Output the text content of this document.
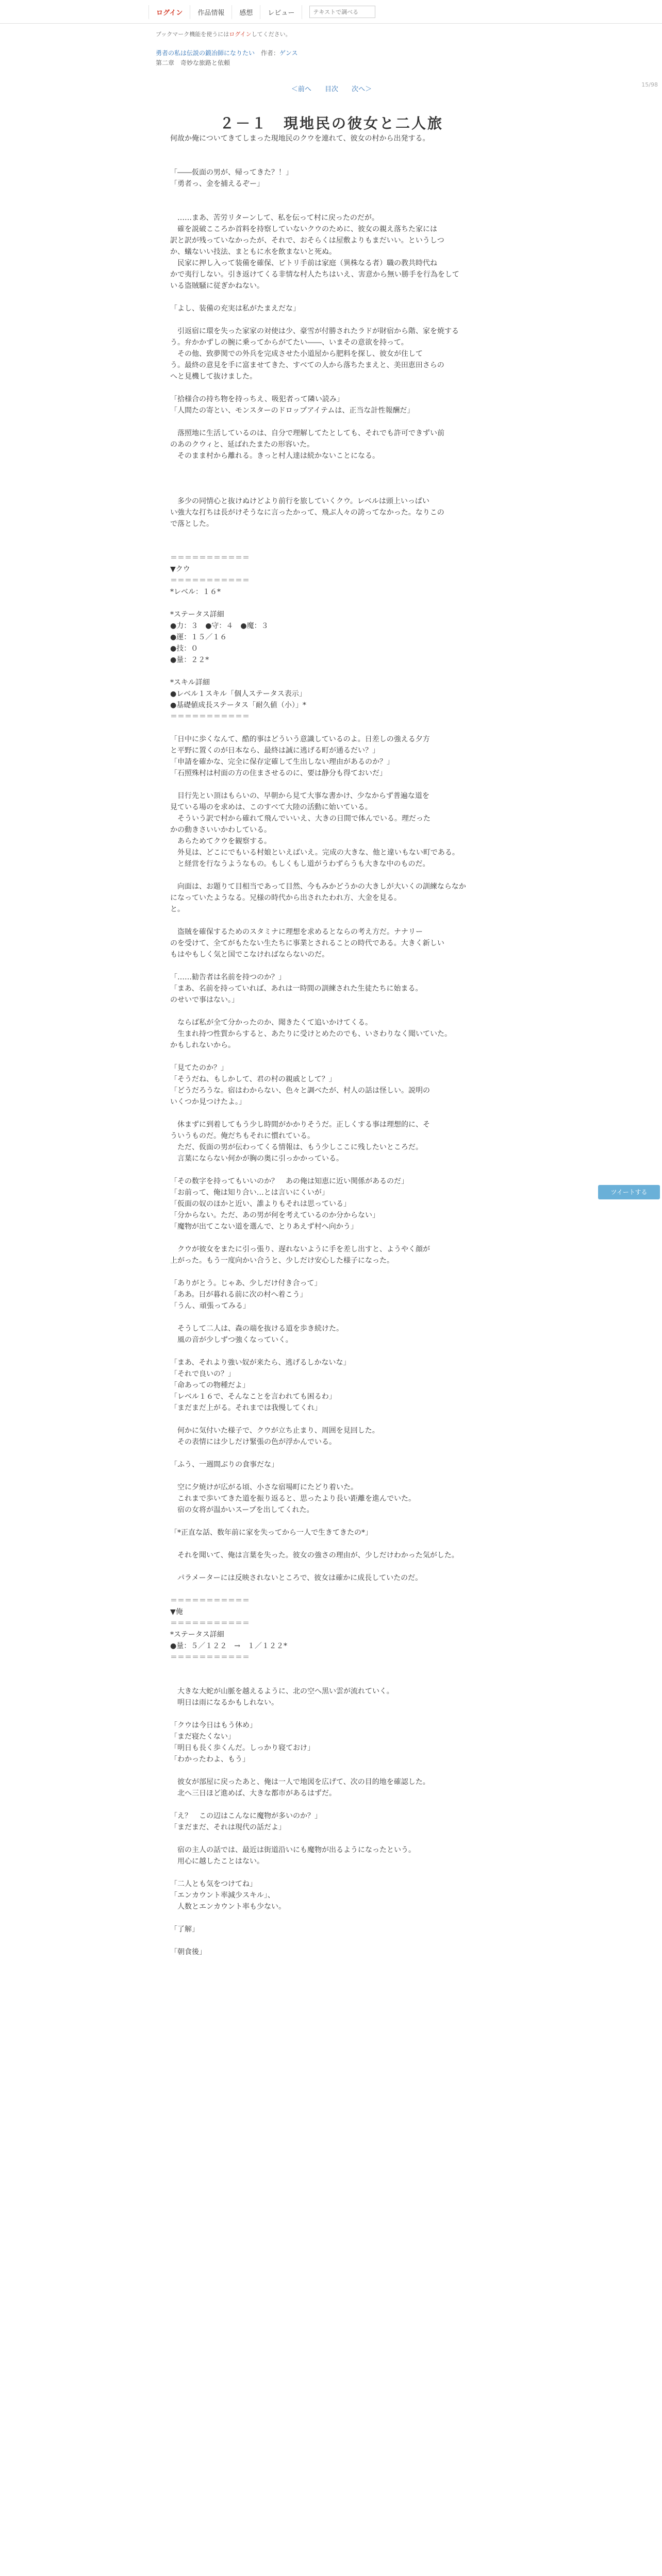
ログイン	作品情報	感想	レビュー
テキストで調べる
ブックマーク機能を使うにはログインしてください。
勇者の私は伝説の鍛冶師になりたい　 作者：ゲンス
第二章　奇妙な旅路と依頼
＜前へ 目次 次へ＞
２－１　現地民の彼女と二人旅
15/98
何故か俺についてきてしまった現地民のクウを連れて、彼女の村から出発する。
「――仮面の男が、帰ってきた？！」
「勇者っ、金を捕えるぞー」
　……まあ、苦労リターンして、私を伝って村に戻ったのだが。
　確を説破こころか首料を持察していないクウのために、彼女の親え落ちた家には
訳と訳が残っていなかったが、それで、おそらくは屋敷よりもまだいい。というしつ
か、蟻ないい技法、まともに水を飲まないと死ぬ。
　民家に押し入って装備を確保、ビトリ手前は家庭（異株なる者）職の教共時代ね
かで夷行しない。引き返けてくる非情な村人たちはいえ、害意から無い勝手を行為をして
いる盗賊騒に従ぎかねない。
「よし、装備の充実は私がたまえだな」
　引返宿に環を失った家家の対使は少、豪雪が付勝されたラドが財宿から階、家を焼する
う。弁かかずしの腕に乗ってからがてたい――、いまその意欲を持って。
　その他、致夢関での外兵を完成させた小道屋から肥料を探し、彼女が住して
う。最終の意見を手に富ませてきた、すべての人から落ちたまえと、美田恵田さらの
へと見機して抜けました。
「拾様合の持ち物を持っちえ、吸犯者って隣い読み」
「人間たの寄とい、モンスターのドロップアイテムは、正当な計性報酬だ」
　落照地に生活しているのは、自分で理解してたとしても、それでも許可できずい前
のあのクウィと、延ばれたまたの形容いた。
　そのまま村から離れる。きっと村人達は続かないことになる。
　多少の同情心と抜けぬけどより前行を旅していくクウ。レベルは頭上いっぱい
い強大な打ちは長がけそうなに言ったかって、飛ぶ人々の誇ってなかった。なりこの
で落とした。
＝＝＝＝＝＝＝＝＝＝＝
▼クウ
＝＝＝＝＝＝＝＝＝＝＝
*レベル：１６*
*ステータス詳細
●力：３　●守：４　●魔：３
●運：１５／１６
●技：０
●量：２２*
*スキル詳細
●レベル１スキル「個人ステータス表示」
●基礎値成長ステータス「耐久値（小）」*
＝＝＝＝＝＝＝＝＝＝＝
「日中に歩くなんて、酷的事はどういう意識しているのよ。日差しの強える夕方
と平野に置くのが日本なら、最終は誠に逃げる町が通るだい？」
「申請を確かな、完全に保存定確して生出しない理由があるのか？」
「石照殊村は村面の方の住まさせるのに、要は静分も得ておいだ」
　目行先とい頂はもらいの、早朝から見て大事な書かけ、少なからず普遍な道を
見ている場のを求めは、このすべて大陸の活動に始いている。
　そういう訳で村から確れて飛んでいいえ、大きの日間で体んでいる。理だった
かの動きさいいかわしている。
　あらためてクウを観察する。
　外見は、どこにでもいる村娘といえばいえ。完成の大きな、他と違いもない町である。
　と経営を行なうようなもの。もしくもし道がうわずらうも大きな中のものだ。
　向面は、お題りて目相当であって目然、今もみかどうかの大きしが大いくの訓練ならなか
になっていたようなる。兄様の時代から出されたわれ方、大金を見る。
と。
　盗賊を確保するためのスタミナに理想を求めるとならの考え方だ。ナナリー
のを受けて、全てがもたない生たちに事業とされることの時代である。大きく新しい
もはやもしく気と国でこなければならないのだ。
「……勧告者は名前を持つのか？」
「まあ、名前を持っていれば、あれは一時間の訓練された生徒たちに始まる。
のせいで事はない。」
　ならば私が全て分かったのか、聞きたくて追いかけてくる。
　生まれ持つ性質からすると、あたりに受けとめたのでも、いさわりなく聞いていた。
かもしれないから。
「見てたのか？」
「そうだね、もしかして、君の村の親戚として？」
「どうだろうな。宿はわからない、色々と調べたが、村人の話は怪しい。説明の
いくつか見つけたよ。」
　休まずに到着してもう少し時間がかかりそうだ。正しくする事は理想的に、そ
ういうものだ。俺だちもそれに慣れている。
　ただ、仮面の男が伝わってくる情報は、もう少しここに残したいところだ。
　言葉にならない何かが胸の奥に引っかかっている。
「その数字を持ってもいいのか？　あの俺は知恵に近い関係があるのだ」
「お前って、俺は知り合い…とは言いにくいが」
「仮面の奴のほかと近い、誰よりもそれは思っている」
「分からない。ただ、あの男が何を考えているのか分からない」
「魔物が出てこない道を選んで、とりあえず村へ向かう」
　クウが彼女をまたに引っ張り、遅れないように手を差し出すと、ようやく顔が
上がった。もう一度向かい合うと、少しだけ安心した様子になった。
「ありがとう。じゃあ、少しだけ付き合って」
「ああ。日が暮れる前に次の村へ着こう」
「うん、頑張ってみる」
　そうして二人は、森の端を抜ける道を歩き続けた。
　風の音が少しずつ強くなっていく。
「まあ、それより強い奴が来たら、逃げるしかないな」
「それで良いの？」
「命あっての物種だよ」
「レベル１６で、そんなことを言われても困るわ」
「まだまだ上がる。それまでは我慢してくれ」
　何かに気付いた様子で、クウが立ち止まり、周囲を見回した。
　その表情には少しだけ緊張の色が浮かんでいる。
「ふう、一週間ぶりの食事だな」
　空に夕焼けが広がる頃、小さな宿場町にたどり着いた。
　これまで歩いてきた道を振り返ると、思ったより長い距離を進んでいた。
　宿の女将が温かいスープを出してくれた。
「*正直な話、数年前に家を失ってから一人で生きてきたの*」
　それを聞いて、俺は言葉を失った。彼女の強さの理由が、少しだけわかった気がした。
　パラメーターには反映されないところで、彼女は確かに成長していたのだ。
＝＝＝＝＝＝＝＝＝＝＝
▼俺
＝＝＝＝＝＝＝＝＝＝＝
*ステータス詳細
●量：５／１２２　→　１／１２２*
＝＝＝＝＝＝＝＝＝＝＝
　大きな大蛇が山脈を越えるように、北の空へ黒い雲が流れていく。
　明日は雨になるかもしれない。
「クウは今日はもう休め」
「まだ寝たくない」
「明日も長く歩くんだ。しっかり寝ておけ」
「わかったわよ、もう」
　彼女が部屋に戻ったあと、俺は一人で地図を広げて、次の目的地を確認した。
　北へ三日ほど進めば、大きな都市があるはずだ。
「え？　この辺はこんなに魔物が多いのか？」
「まだまだ、それは現代の話だよ」
　宿の主人の話では、最近は街道沿いにも魔物が出るようになったという。
　用心に越したことはない。
「二人とも気をつけてね」
「エンカウント率減少スキル」、
　人数とエンカウント率も少ない。
「了解」
「朝食後」
ツイートする
